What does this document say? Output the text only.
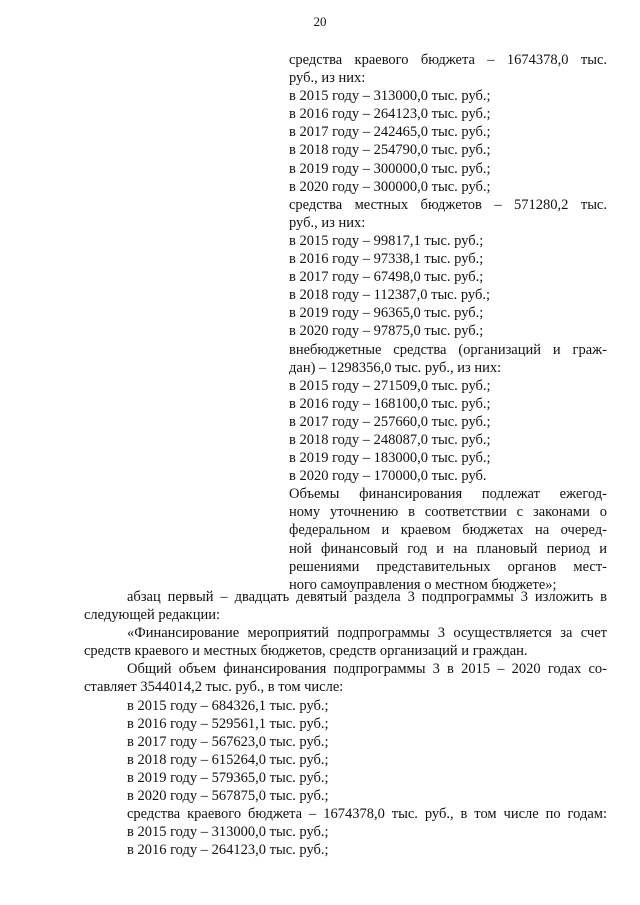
20
средства краевого бюджета – 1674378,0 тыс.
руб., из них:
в 2015 году – 313000,0 тыс. руб.;
в 2016 году – 264123,0 тыс. руб.;
в 2017 году – 242465,0 тыс. руб.;
в 2018 году – 254790,0 тыс. руб.;
в 2019 году – 300000,0 тыс. руб.;
в 2020 году – 300000,0 тыс. руб.;
средства местных бюджетов – 571280,2 тыс.
руб., из них:
в 2015 году – 99817,1 тыс. руб.;
в 2016 году – 97338,1 тыс. руб.;
в 2017 году – 67498,0 тыс. руб.;
в 2018 году – 112387,0 тыс. руб.;
в 2019 году – 96365,0 тыс. руб.;
в 2020 году – 97875,0 тыс. руб.;
внебюджетные средства (организаций и граж-
дан) – 1298356,0 тыс. руб., из них:
в 2015 году – 271509,0 тыс. руб.;
в 2016 году – 168100,0 тыс. руб.;
в 2017 году – 257660,0 тыс. руб.;
в 2018 году – 248087,0 тыс. руб.;
в 2019 году – 183000,0 тыс. руб.;
в 2020 году – 170000,0 тыс. руб.
Объемы финансирования подлежат ежегод-
ному уточнению в соответствии с законами о
федеральном и краевом бюджетах на очеред-
ной финансовый год и на плановый период и
решениями представительных органов мест-
ного самоуправления о местном бюджете»;
абзац первый – двадцать девятый раздела 3 подпрограммы 3 изложить в
следующей редакции:
«Финансирование мероприятий подпрограммы 3 осуществляется за счет
средств краевого и местных бюджетов, средств организаций и граждан.
Общий объем финансирования подпрограммы 3 в 2015 – 2020 годах со-
ставляет 3544014,2 тыс. руб., в том числе:
в 2015 году – 684326,1 тыс. руб.;
в 2016 году – 529561,1 тыс. руб.;
в 2017 году – 567623,0 тыс. руб.;
в 2018 году – 615264,0 тыс. руб.;
в 2019 году – 579365,0 тыс. руб.;
в 2020 году – 567875,0 тыс. руб.;
средства краевого бюджета – 1674378,0 тыс. руб., в том числе по годам:
в 2015 году – 313000,0 тыс. руб.;
в 2016 году – 264123,0 тыс. руб.;
